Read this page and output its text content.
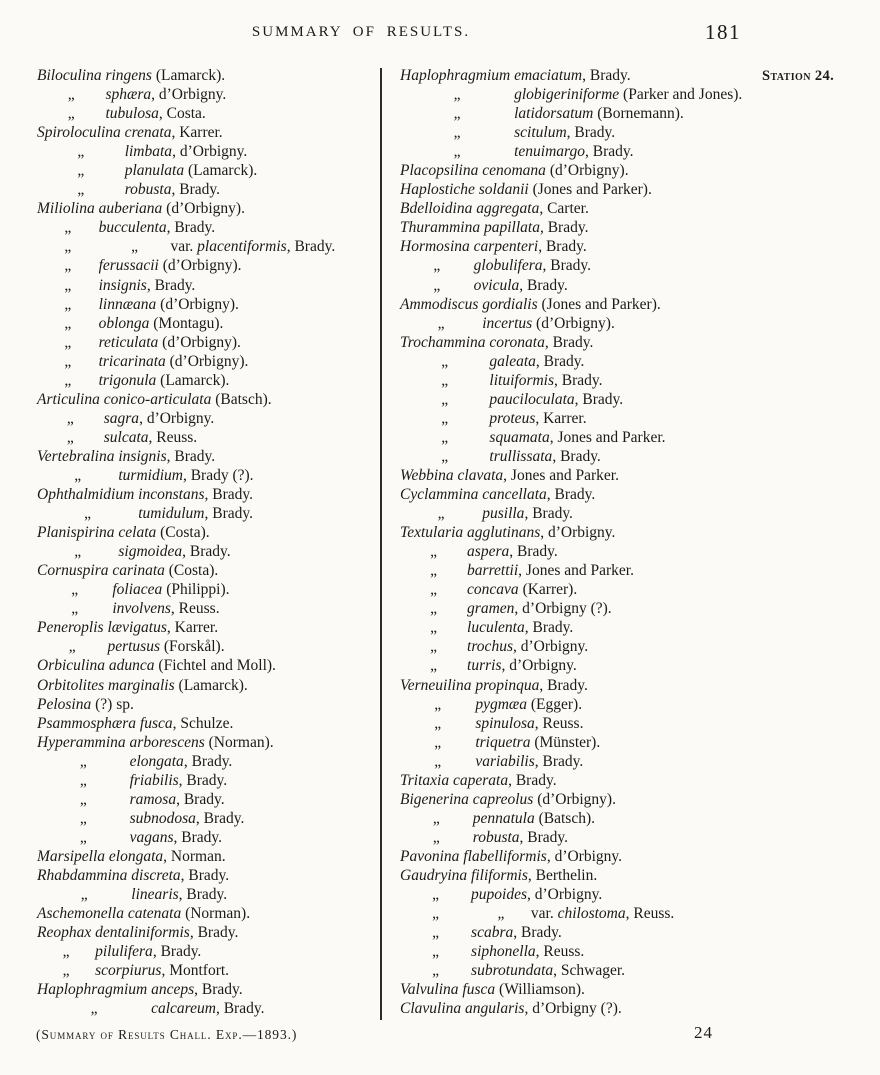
SUMMARY OF RESULTS.	181
Station 24.
Biloculina ringens (Lamarck).
„	sphæra, d’Orbigny.
„	tubulosa, Costa.
Spiroloculina crenata, Karrer.
„	limbata, d’Orbigny.
„	planulata (Lamarck).
„	robusta, Brady.
Miliolina auberiana (d’Orbigny).
„	bucculenta, Brady.
„	„	var. placentiformis, Brady.
„	ferussacii (d’Orbigny).
„	insignis, Brady.
„	linnæana (d’Orbigny).
„	oblonga (Montagu).
„	reticulata (d’Orbigny).
„	tricarinata (d’Orbigny).
„	trigonula (Lamarck).
Articulina conico-articulata (Batsch).
„	sagra, d’Orbigny.
„	sulcata, Reuss.
Vertebralina insignis, Brady.
„	turmidium, Brady (?).
Ophthalmidium inconstans, Brady.
„	tumidulum, Brady.
Planispirina celata (Costa).
„	sigmoidea, Brady.
Cornuspira carinata (Costa).
„	foliacea (Philippi).
„	involvens, Reuss.
Peneroplis lævigatus, Karrer.
„	pertusus (Forskål).
Orbiculina adunca (Fichtel and Moll).
Orbitolites marginalis (Lamarck).
Pelosina (?) sp.
Psammosphæra fusca, Schulze.
Hyperammina arborescens (Norman).
„	elongata, Brady.
„	friabilis, Brady.
„	ramosa, Brady.
„	subnodosa, Brady.
„	vagans, Brady.
Marsipella elongata, Norman.
Rhabdammina discreta, Brady.
„	linearis, Brady.
Aschemonella catenata (Norman).
Reophax dentaliniformis, Brady.
„	pilulifera, Brady.
„	scorpiurus, Montfort.
Haplophragmium anceps, Brady.
„	calcareum, Brady.
Haplophragmium emaciatum, Brady.
„	globigeriniforme (Parker and Jones).
„	latidorsatum (Bornemann).
„	scitulum, Brady.
„	tenuimargo, Brady.
Placopsilina cenomana (d’Orbigny).
Haplostiche soldanii (Jones and Parker).
Bdelloidina aggregata, Carter.
Thurammina papillata, Brady.
Hormosina carpenteri, Brady.
„	globulifera, Brady.
„	ovicula, Brady.
Ammodiscus gordialis (Jones and Parker).
„	incertus (d’Orbigny).
Trochammina coronata, Brady.
„	galeata, Brady.
„	lituiformis, Brady.
„	pauciloculata, Brady.
„	proteus, Karrer.
„	squamata, Jones and Parker.
„	trullissata, Brady.
Webbina clavata, Jones and Parker.
Cyclammina cancellata, Brady.
„	pusilla, Brady.
Textularia agglutinans, d’Orbigny.
„	aspera, Brady.
„	barrettii, Jones and Parker.
„	concava (Karrer).
„	gramen, d’Orbigny (?).
„	luculenta, Brady.
„	trochus, d’Orbigny.
„	turris, d’Orbigny.
Verneuilina propinqua, Brady.
„	pygmæa (Egger).
„	spinulosa, Reuss.
„	triquetra (Münster).
„	variabilis, Brady.
Tritaxia caperata, Brady.
Bigenerina capreolus (d’Orbigny).
„	pennatula (Batsch).
„	robusta, Brady.
Pavonina flabelliformis, d’Orbigny.
Gaudryina filiformis, Berthelin.
„	pupoides, d’Orbigny.
„	„	var. chilostoma, Reuss.
„	scabra, Brady.
„	siphonella, Reuss.
„	subrotundata, Schwager.
Valvulina fusca (Williamson).
Clavulina angularis, d’Orbigny (?).
(Summary of Results Chall. Exp.—1893.)	24
